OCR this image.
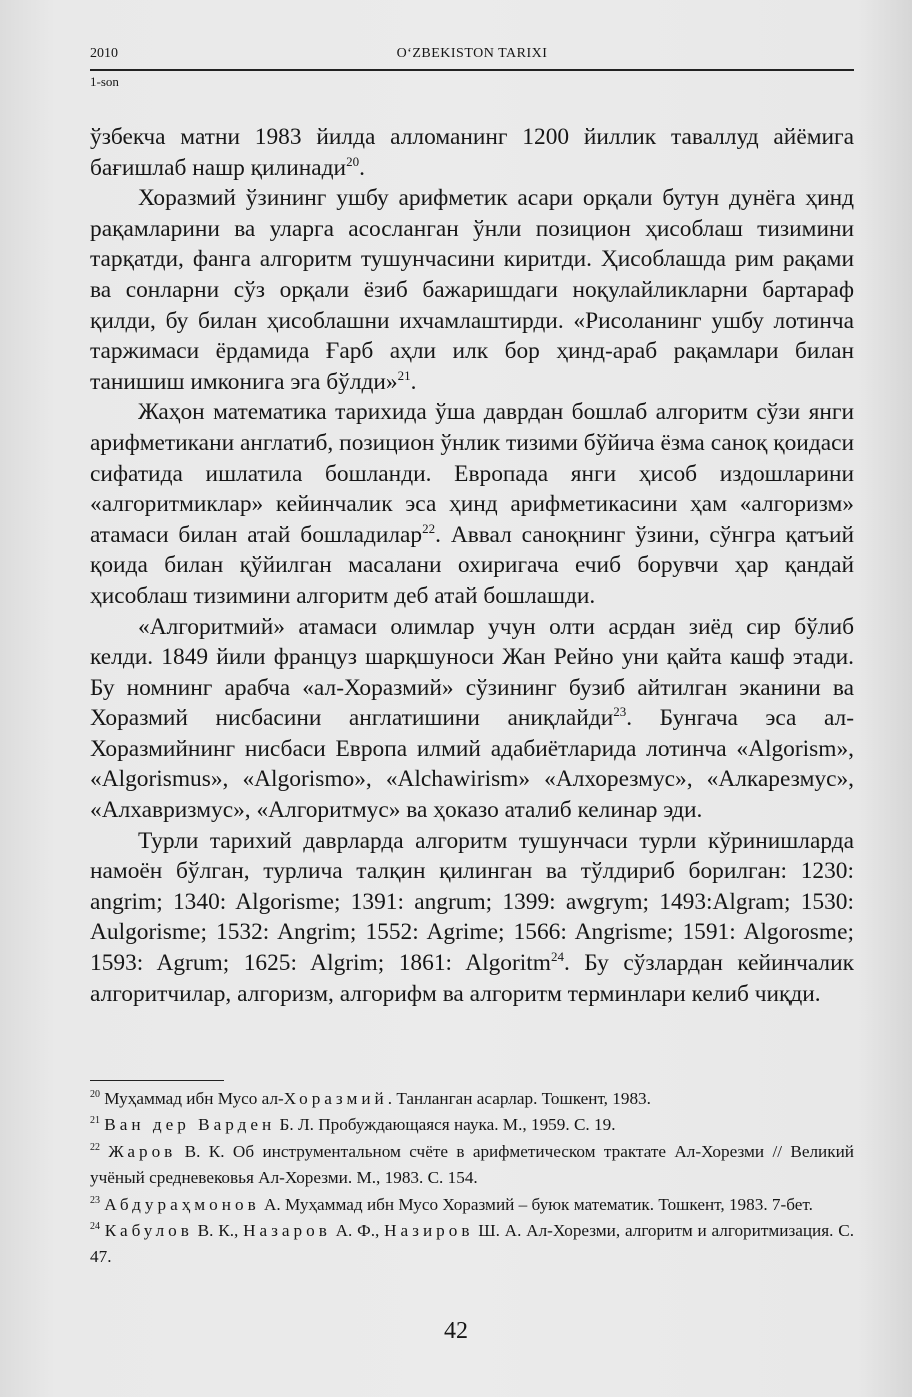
2010	O‘ZBEKISTON TARIXI
1-son

ўзбекча матни 1983 йилда алломанинг 1200 йиллик таваллуд айёмига бағишлаб нашр қилинади$^{20}$.

Хоразмий ўзининг ушбу арифметик асари орқали бутун дунёга ҳинд рақамларини ва уларга асосланган ўнли позицион ҳисоблаш тизимини тарқатди, фанга алгоритм тушунчасини киритди. Ҳисоблашда рим рақами ва сонларни сўз орқали ёзиб бажаришдаги ноқулайликларни бартараф қилди, бу билан ҳисоблашни ихчамлаштирди. «Рисоланинг ушбу лотинча таржимаси ёрдамида Ғарб аҳли илк бор ҳинд-араб рақамлари билан танишиш имконига эга бўлди»$^{21}$.

Жаҳон математика тарихида ўша даврдан бошлаб алгоритм сўзи янги арифметикани англатиб, позицион ўнлик тизими бўйича ёзма саноқ қоидаси сифатида ишлатила бошланди. Европада янги ҳисоб издошларини «алгоритмиклар» кейинчалик эса ҳинд арифметикасини ҳам «алгоризм» атамаси билан атай бошладилар$^{22}$. Аввал саноқнинг ўзини, сўнгра қатъий қоида билан қўйилган масалани охиригача ечиб борувчи ҳар қандай ҳисоблаш тизимини алгоритм деб атай бошлашди.

«Алгоритмий» атамаси олимлар учун олти асрдан зиёд сир бўлиб келди. 1849 йили француз шарқшуноси Жан Рейно уни қайта кашф этади. Бу номнинг арабча «ал-Хоразмий» сўзининг бузиб айтилган эканини ва Хоразмий нисбасини англатишини аниқлайди$^{23}$. Бунгача эса ал-Хоразмийнинг нисбаси Европа илмий адабиётларида лотинча «Algorism», «Algorismus», «Algorismo», «Alchawirism» «Алхорезмус», «Алкарезмус», «Алхавризмус», «Алгоритмус» ва ҳоказо аталиб келинар эди.

Турли тарихий даврларда алгоритм тушунчаси турли кўринишларда намоён бўлган, турлича талқин қилинган ва тўлдириб борилган: 1230: angrim; 1340: Algorisme; 1391: angrum; 1399: awgrym; 1493:Algram; 1530: Aulgorisme; 1532: Angrim; 1552: Agrime; 1566: Angrisme; 1591: Algorosme; 1593: Agrum; 1625: Algrim; 1861: Algoritm$^{24}$. Бу сўзлардан кейинчалик алгоритчилар, алгоризм, алгорифм ва алгоритм терминлари келиб чиқди.

$^{20}$ Муҳаммад ибн Мусо ал-Хоразмий. Танланган асарлар. Тошкент, 1983.

$^{21}$ Ван дер Варден Б. Л. Пробуждающаяся наука. М., 1959. С. 19.

$^{22}$ Жаров В. К. Об инструментальном счёте в арифметическом трактате Ал-Хорезми // Великий учёный средневековья Ал-Хорезми. М., 1983. С. 154.

$^{23}$ Абдураҳмонов А. Муҳаммад ибн Мусо Хоразмий – буюк математик. Тошкент, 1983. 7-бет.

$^{24}$ Кабулов В. К., Назаров А. Ф., Назиров Ш. А. Ал-Хорезми, алгоритм и алгоритмизация. С. 47.

42
